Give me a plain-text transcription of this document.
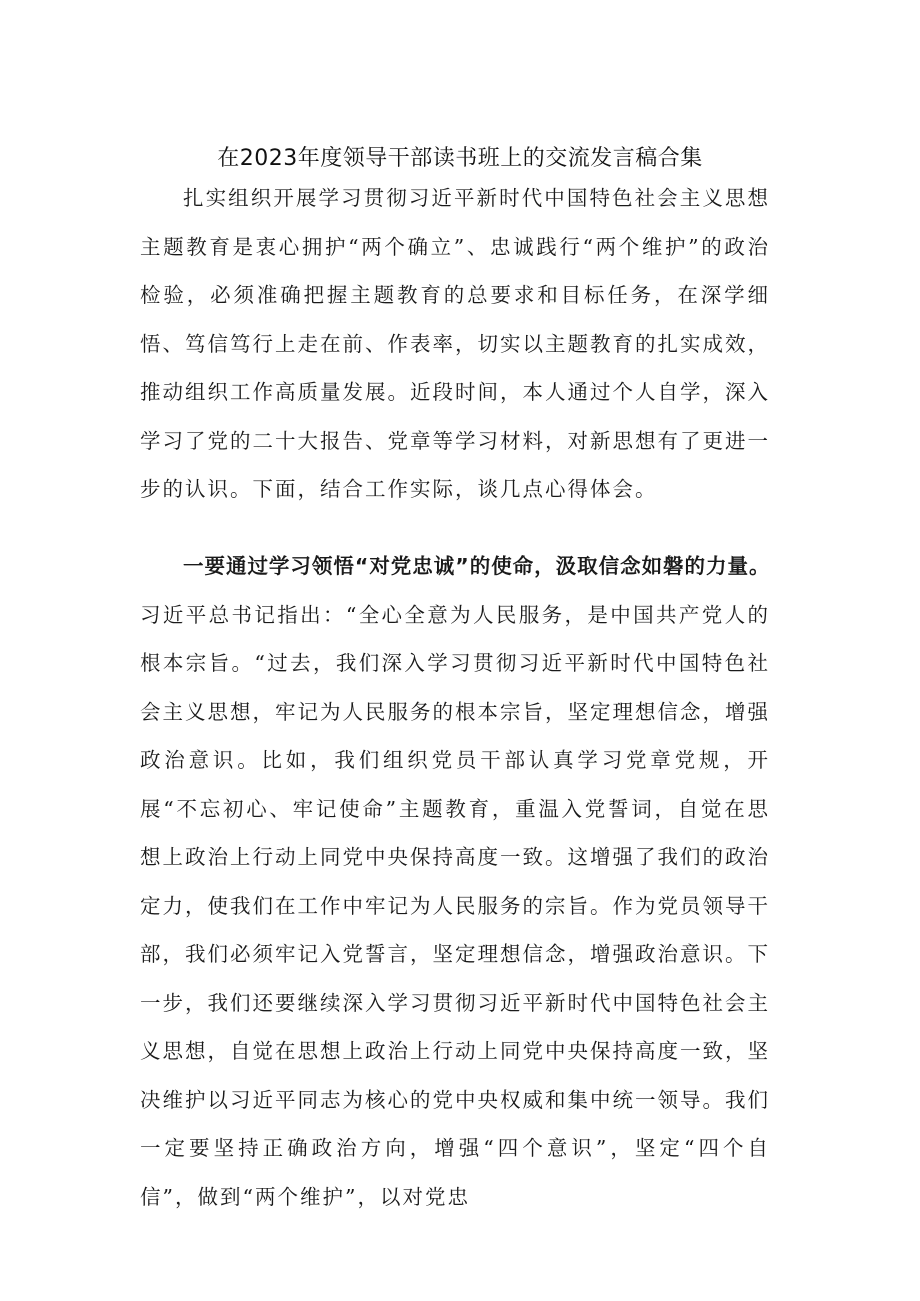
在2023年度领导干部读书班上的交流发言稿合集

扎实组织开展学习贯彻习近平新时代中国特色社会主义思想主题教育是衷心拥护“两个确立”、忠诚践行“两个维护”的政治检验，必须准确把握主题教育的总要求和目标任务，在深学细悟、笃信笃行上走在前、作表率，切实以主题教育的扎实成效，推动组织工作高质量发展。近段时间，本人通过个人自学，深入学习了党的二十大报告、党章等学习材料，对新思想有了更进一步的认识。下面，结合工作实际，谈几点心得体会。

一要通过学习领悟“对党忠诚”的使命，汲取信念如磐的力量。习近平总书记指出：“全心全意为人民服务，是中国共产党人的根本宗旨。“过去，我们深入学习贯彻习近平新时代中国特色社会主义思想，牢记为人民服务的根本宗旨，坚定理想信念，增强政治意识。比如，我们组织党员干部认真学习党章党规，开展“不忘初心、牢记使命”主题教育，重温入党誓词，自觉在思想上政治上行动上同党中央保持高度一致。这增强了我们的政治定力，使我们在工作中牢记为人民服务的宗旨。作为党员领导干部，我们必须牢记入党誓言，坚定理想信念，增强政治意识。下一步，我们还要继续深入学习贯彻习近平新时代中国特色社会主义思想，自觉在思想上政治上行动上同党中央保持高度一致，坚决维护以习近平同志为核心的党中央权威和集中统一领导。我们一定要坚持正确政治方向，增强“四个意识”，坚定“四个自信”，做到“两个维护”，以对党忠
